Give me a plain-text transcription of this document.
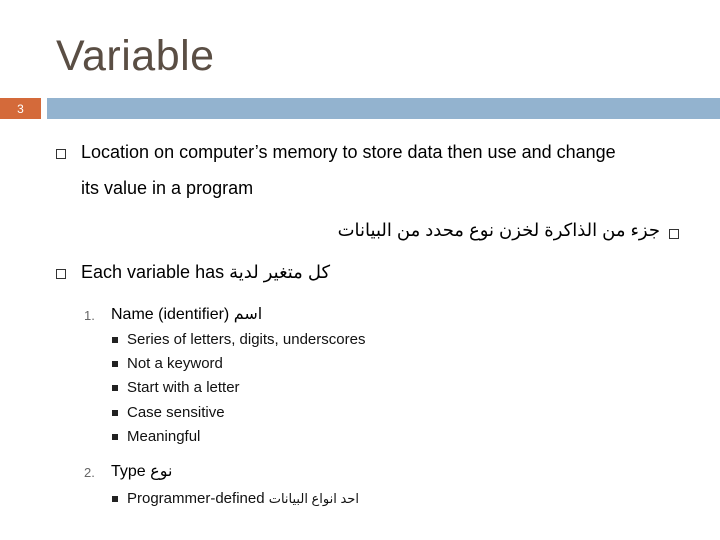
Variable
3
Location on computer’s memory to store data then use and change
its value in a program
جزء من الذاكرة لخزن نوع محدد من البيانات
Each variable has كل متغير لدية
1. Name (identifier) اسم
Series of letters, digits, underscores
Not a keyword
Start with a letter
Case sensitive
Meaningful
2. Type نوع
Programmer-defined احد انواع البيانات
